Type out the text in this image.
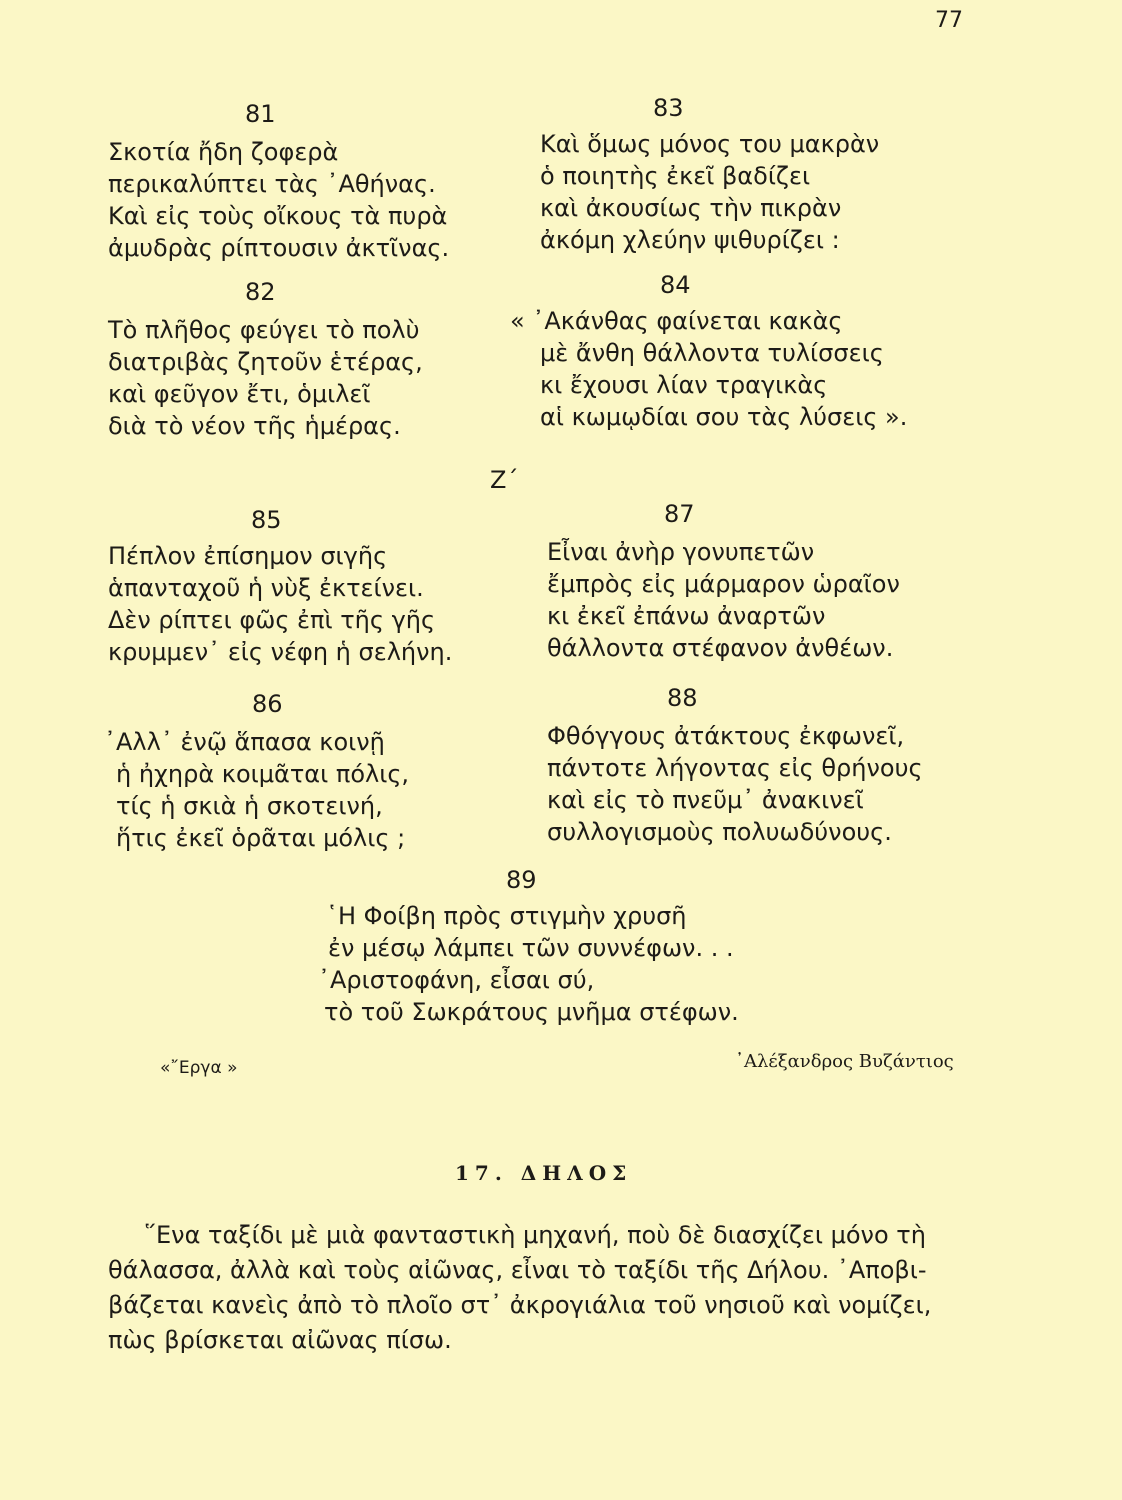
77
81
Σκοτία ἤδη ζοφερὰ
περικαλύπτει τὰς ᾿Αθήνας.
Καὶ εἰς τοὺς οἴκους τὰ πυρὰ
ἀμυδρὰς ρίπτουσιν ἀκτῖνας.
82
Τὸ πλῆθος φεύγει τὸ πολὺ
διατριβὰς ζητοῦν ἑτέρας,
καὶ φεῦγον ἔτι, ὁμιλεῖ
διὰ τὸ νέον τῆς ἡμέρας.
83
Καὶ ὅμως μόνος του μακρὰν
ὁ ποιητὴς ἐκεῖ βαδίζει
καὶ ἀκουσίως τὴν πικρὰν
ἀκόμη χλεύην ψιθυρίζει :
84
« ᾿Ακάνθας φαίνεται κακὰς
μὲ ἄνθη θάλλοντα τυλίσσεις
κι ἔχουσι λίαν τραγικὰς
αἱ κωμῳδίαι σου τὰς λύσεις ».
Ζ΄
85
Πέπλον ἐπίσημον σιγῆς
ἁπανταχοῦ ἡ νὺξ ἐκτείνει.
Δὲν ρίπτει φῶς ἐπὶ τῆς γῆς
κρυμμεν᾿ εἰς νέφη ἡ σελήνη.
86
᾿Αλλ᾿ ἐνῷ ἅπασα κοινῇ
ἡ ἠχηρὰ κοιμᾶται πόλις,
τίς ἡ σκιὰ ἡ σκοτεινή,
ἥτις ἐκεῖ ὁρᾶται μόλις ;
87
Εἶναι ἀνὴρ γονυπετῶν
ἔμπρὸς εἰς μάρμαρον ὡραῖον
κι ἐκεῖ ἐπάνω ἀναρτῶν
θάλλοντα στέφανον ἀνθέων.
88
Φθόγγους ἀτάκτους ἐκφωνεῖ,
πάντοτε λήγοντας εἰς θρήνους
καὶ εἰς τὸ πνεῦμ᾿ ἀνακινεῖ
συλλογισμοὺς πολυωδύνους.
89
῾Η Φοίβη πρὸς στιγμὴν χρυσῆ
ἐν μέσῳ λάμπει τῶν συννέφων. . .
᾿Αριστοφάνη, εἶσαι σύ,
τὸ τοῦ Σωκράτους μνῆμα στέφων.
«῎Εργα »	᾿Αλέξανδρος Βυζάντιος
17. ΔΗΛΟΣ
῞Ενα ταξίδι μὲ μιὰ φανταστικὴ μηχανή, ποὺ δὲ διασχίζει μόνο τὴ
θάλασσα, ἀλλὰ καὶ τοὺς αἰῶνας, εἶναι τὸ ταξίδι τῆς Δήλου. ᾿Αποβι-
βάζεται κανεὶς ἀπὸ τὸ πλοῖο στ᾿ ἀκρογιάλια τοῦ νησιοῦ καὶ νομίζει,
πὼς βρίσκεται αἰῶνας πίσω.
